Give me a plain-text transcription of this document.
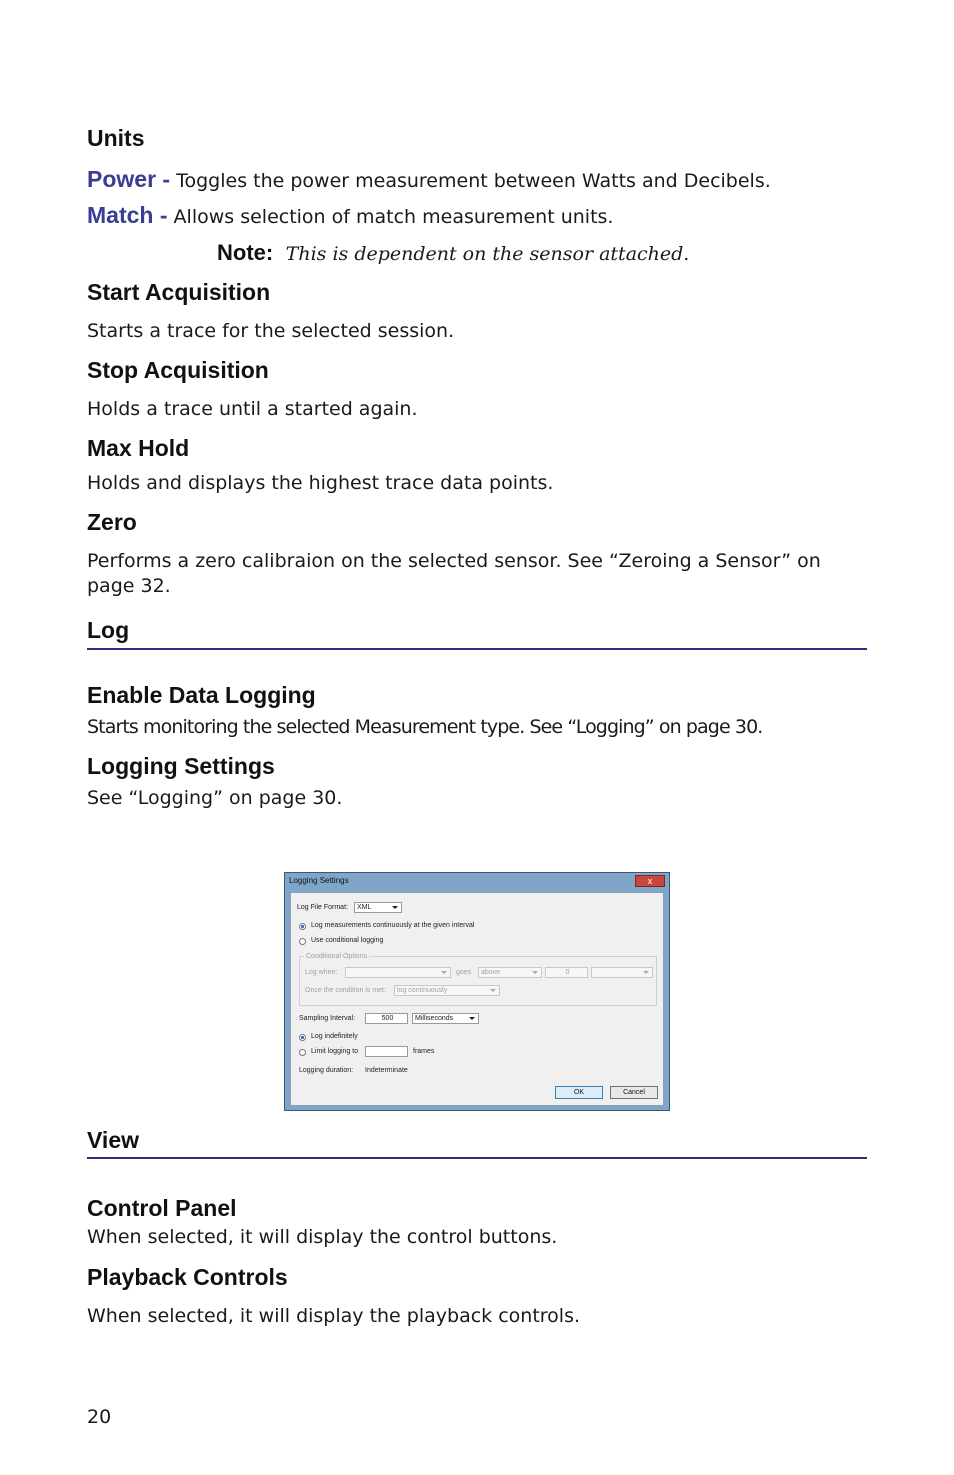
Units
Power - Toggles the power measurement between Watts and Decibels.
Match - Allows selection of match measurement units.
Note: This is dependent on the sensor attached.
Start Acquisition
Starts a trace for the selected session.
Stop Acquisition
Holds a trace until a started again.
Max Hold
Holds and displays the highest trace data points.
Zero
Performs a zero calibraion on the selected sensor. See “Zeroing a Sensor” on
page 32.
Log
Enable Data Logging
Starts monitoring the selected Measurement type. See “Logging” on page 30.
Logging Settings
See “Logging” on page 30.
Logging Settings	x
Log File Format:	XML
Log measurements continuously at the given interval
Use conditional logging
Conditional Options
Log when:	goes	above	0
Once the condition is met:	log continuously
Sampling Interval:	500	Milliseconds
Log indefinitely
Limit logging to	frames
Logging duration: Indeterminate
OK	Cancel
View
Control Panel
When selected, it will display the control buttons.
Playback Controls
When selected, it will display the playback controls.
20
